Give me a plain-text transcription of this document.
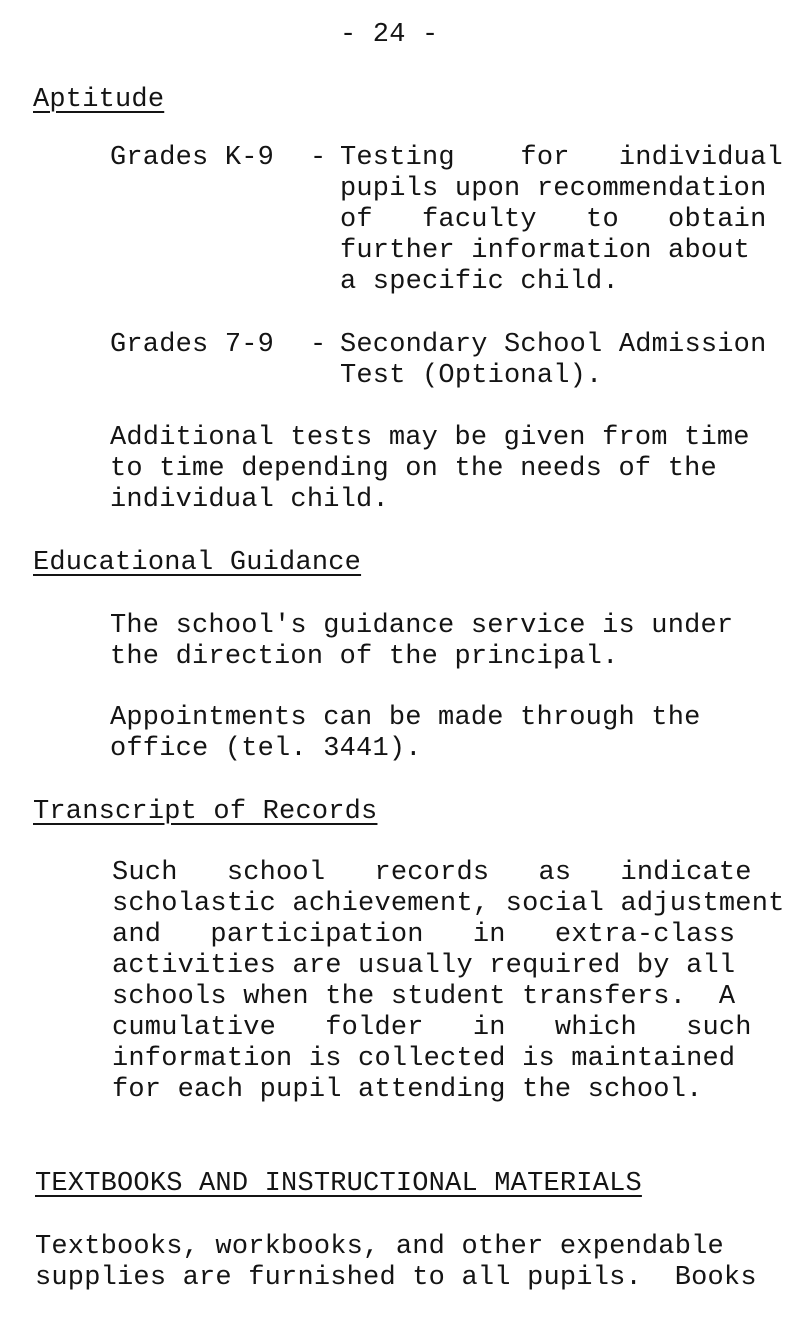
- 24 -
Aptitude
Grades K-9 - Testing    for   individual
pupils upon recommendation
of   faculty   to   obtain
further information about
a specific child.
Grades 7-9 - Secondary School Admission
Test (Optional).
Additional tests may be given from time
to time depending on the needs of the
individual child.
Educational Guidance
The school's guidance service is under
the direction of the principal.
Appointments can be made through the
office (tel. 3441).
Transcript of Records
Such   school   records   as   indicate
scholastic achievement, social adjustment
and   participation   in   extra-class
activities are usually required by all
schools when the student transfers.  A
cumulative   folder   in   which   such
information is collected is maintained
for each pupil attending the school.
TEXTBOOKS AND INSTRUCTIONAL MATERIALS
Textbooks, workbooks, and other expendable
supplies are furnished to all pupils.  Books
